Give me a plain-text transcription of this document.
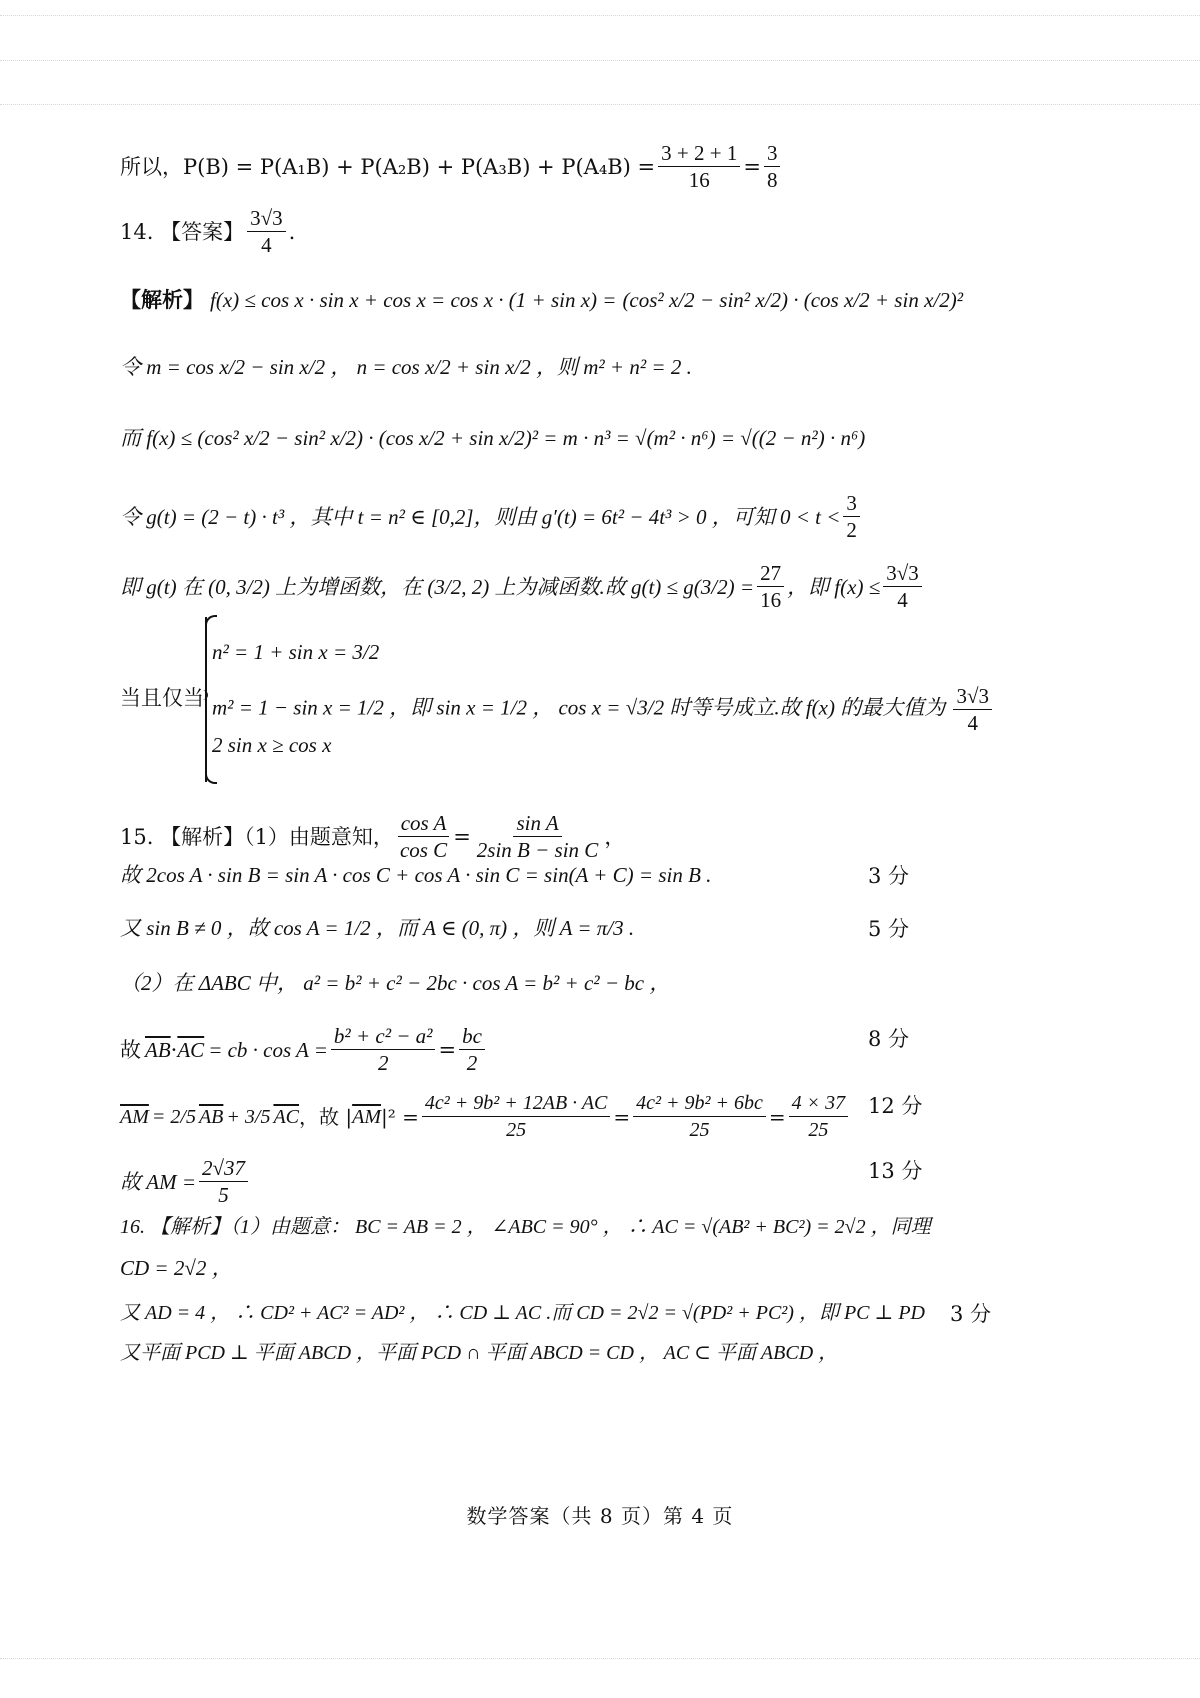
所以，$P(B) = P(A_1B) + P(A_2B) + P(A_3B) + P(A_4B) = \frac{3 + 2 + 1}{16} = \frac{3}{8}$
14. 【答案】 $\frac{3√3}{4}$ .
【解析】 f(x) ≤ cos x · sin x + cos x = cos x · (1 + sin x) = (cos² x/2 − sin² x/2) · (cos x/2 + sin x/2)²
令 m = cos x/2 − sin x/2 ， n = cos x/2 + sin x/2 ，则 m² + n² = 2 .
而 f(x) ≤ (cos² x/2 − sin² x/2) · (cos x/2 + sin x/2)² = m · n³ = √(m² · n⁶) = √((2 − n²) · n⁶)
令 g(t) = (2 − t) · t³ ，其中 t = n² ∈ [0,2]，则由 g′(t) = 6t² − 4t³ > 0 ，可知 $0 < t < \frac{3}{2}$
即 g(t) 在 (0, 3/2) 上为增函数，在 (3/2, 2) 上为减函数.故 $g(t) \le g(3/2) = \frac{27}{16}$ ，即 $f(x) \le \frac{3√3}{4}$
n² = 1 + sin x = 3/2
m² = 1 − sin x = 1/2 ，即 sin x = 1/2 ， cos x = √3/2 时等号成立.故 f(x) 的最大值为 $\frac{3√3}{4}$
2 sin x ≥ cos x
当且仅当
15. 【解析】（1）由题意知， $\frac{\text{cos A}}{\text{cos C}} = \frac{\text{sin A}}{\text{2sin B − sin C}}$ ，
故 2cos A · sin B = sin A · cos C + cos A · sin C = sin(A + C) = sin B .	3 分
又 sin B ≠ 0 ，故 cos A = 1/2 ，而 A ∈ (0, π) ，则 A = π/3 .	5 分
（2）在 ΔABC 中， a² = b² + c² − 2bc · cos A = b² + c² − bc ，
故 $\overline{AB} \cdot \overline{AC}$ = cb · $\cos A = \frac{\text{b² + c² − a²}}{2} = \frac{bc}{2}$	8 分
$\overline{AM} = 2/5$ $\overline{AB} + 3/5$ $\overline{AC}$ ，故 | $\overline{AM}$ $|^2 = \frac{\text{4c² + 9b² + 12AB · AC}}{25} = \frac{\text{4c² + 9b² + 6bc}}{25} = \frac{4 \times 37}{25} 12$ 分
故 AM = $\frac{2√37}{5}$	13 分
16. 【解析】（1）由题意： BC = AB = 2 ， ∠ABC = 90° ， ∴ AC = √(AB² + BC²) = 2√2 ，同理
CD = 2√2 ，
又 AD = 4 ， ∴ CD² + AC² = AD² ， ∴ CD ⊥ AC .而 CD = 2√2 = √(PD² + PC²) ，即 PC ⊥ PD 3 分
又平面 PCD ⊥ 平面 ABCD ，平面 PCD ∩ 平面 ABCD = CD ， AC ⊂ 平面 ABCD ，
数学答案（共 8 页）第 4 页
